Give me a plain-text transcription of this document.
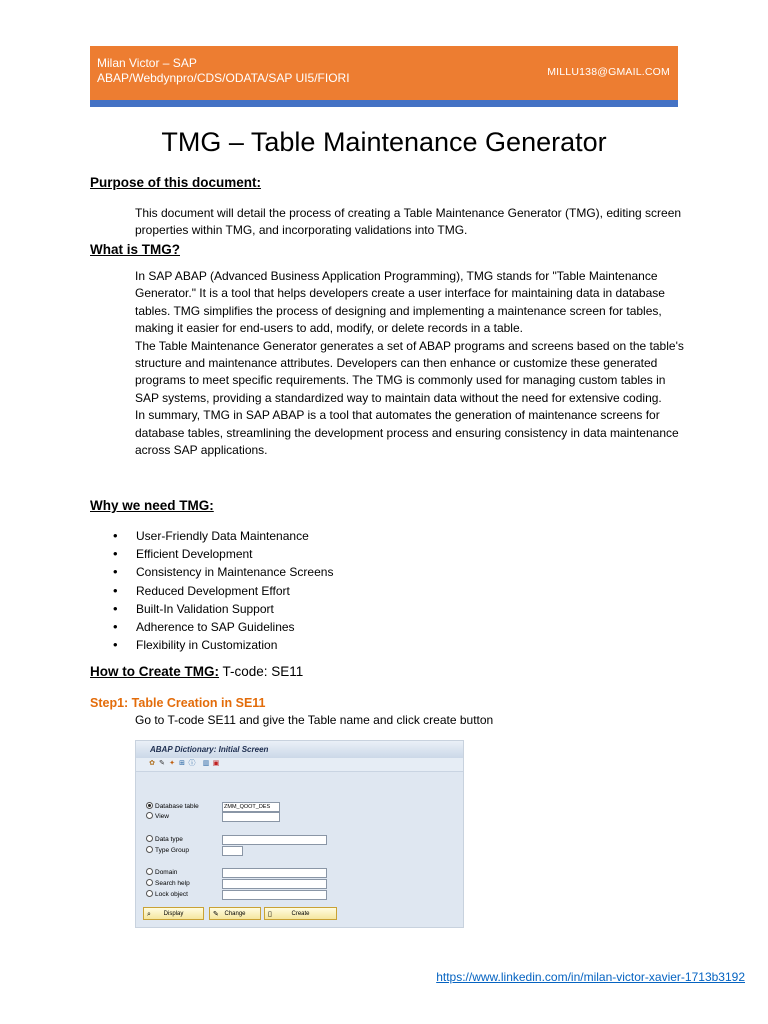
Milan Victor – SAP
ABAP/Webdynpro/CDS/ODATA/SAP UI5/FIORI	MILLU138@GMAIL.COM
TMG – Table Maintenance Generator
Purpose of this document:

This document will detail the process of creating a Table Maintenance Generator (TMG), editing screen properties within TMG, and incorporating validations into TMG.

What is TMG?

In SAP ABAP (Advanced Business Application Programming), TMG stands for "Table Maintenance Generator." It is a tool that helps developers create a user interface for maintaining data in database tables. TMG simplifies the process of designing and implementing a maintenance screen for tables, making it easier for end-users to add, modify, or delete records in a table.

The Table Maintenance Generator generates a set of ABAP programs and screens based on the table's structure and maintenance attributes. Developers can then enhance or customize these generated programs to meet specific requirements. The TMG is commonly used for managing custom tables in SAP systems, providing a standardized way to maintain data without the need for extensive coding.

In summary, TMG in SAP ABAP is a tool that automates the generation of maintenance screens for database tables, streamlining the development process and ensuring consistency in data maintenance across SAP applications.

Why we need TMG:
• User-Friendly Data Maintenance
• Efficient Development
• Consistency in Maintenance Screens
• Reduced Development Effort
• Built-In Validation Support
• Adherence to SAP Guidelines
• Flexibility in Customization
How to Create TMG: T-code: SE11
Step1: Table Creation in SE11
Go to T-code SE11 and give the Table name and click create button
ABAP Dictionary: Initial Screen
✿ ✎ ✦ ⊞ ⓘ ▥ ▣
Database table	ZMM_QOOT_DES
View
Data type
Type Group
Domain
Search help
Lock object
⌕	Display	✎ Change	▯	Create
https://www.linkedin.com/in/milan-victor-xavier-1713b3192
